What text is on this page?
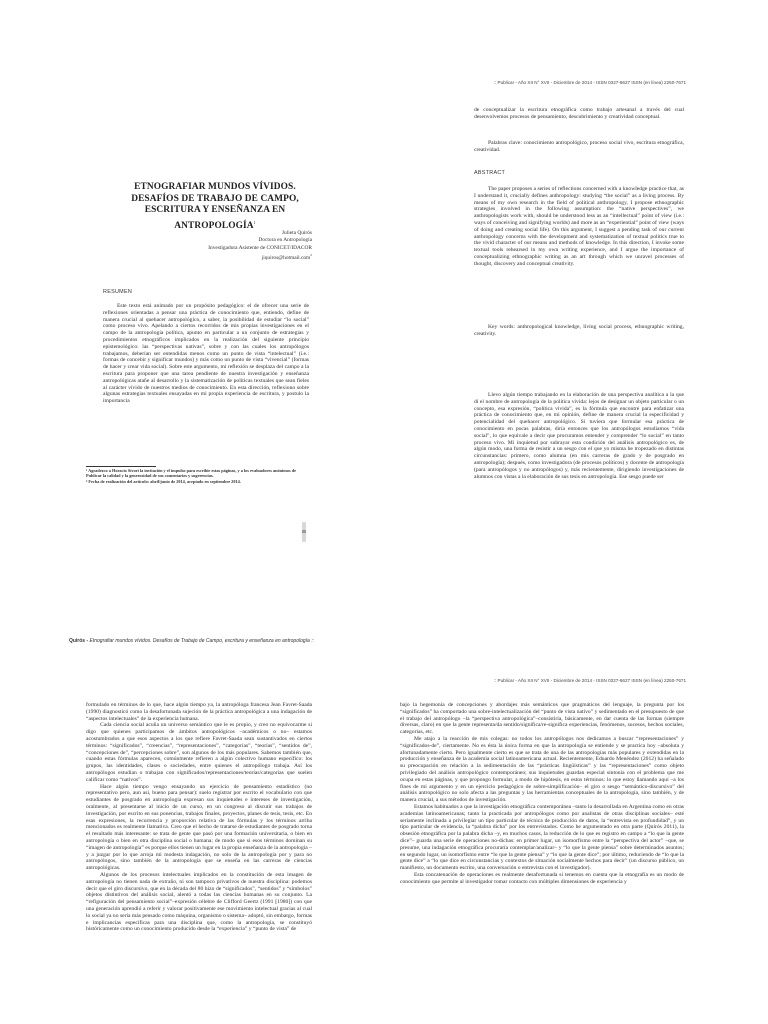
ETNOGRAFIAR MUNDOS VÍVIDOS. DESAFÍOS DE TRABAJO DE CAMPO, ESCRITURA Y ENSEÑANZA EN ANTROPOLOGÍA$^1$
Julieta Quirós
Doctora en Antropología
Investigadora Asistente de CONICET/IDACOR
jiquiros@hotmail.com$^2$
RESUMEN

Este texto está animado por un propósito pedagógico: el de ofrecer una serie de reflexiones orientadas a pensar una práctica de conocimiento que, entiendo, define de manera crucial al quehacer antropológico, a saber, la posibilidad de estudiar “lo social” como proceso vivo. Apelando a ciertos recorridos de mis propias investigaciones en el campo de la antropología política, apunto en particular a un conjunto de estrategias y procedimientos etnográficos implicados en la realización del siguiente principio epistemológico: las “perspectivas nativas”, sobre y con las cuales los antropólogos trabajamos, deberían ser entendidas menos como un punto de vista “intelectual” (i.e.: formas de concebir y significar mundos) y más como un punto de vista “vivencial” (formas de hacer y crear vida social). Sobre este argumento, mi reflexión se desplaza del campo a la escritura para proponer que una tarea pendiente de nuestra investigación y enseñanza antropológicas atañe al desarrollo y la sistematización de políticas textuales que sean fieles al carácter vívido de nuestros medios de conocimiento. En esta dirección, reflexiono sobre algunas estrategias textuales ensayadas en mi propia experiencia de escritura, y postulo la importancia

¹ Agradezco a Horacio Sívori la invitación y el impulso para escribir estas páginas, y a los evaluadores anónimos de Publicar la calidad y la generosidad de sus comentarios y sugerencias.
² Fecha de realización del artículo: abril/junio de 2014, aceptado en septiembre 2014.
:: Publicar - Año XII N° XVII - Diciembre de 2014 - ISSN 0327-6627 ISSN (en línea) 2250-7671

de conceptualizar la escritura etnográfica como trabajo artesanal a través del cual desenvolvemos procesos de pensamiento, descubrimiento y creatividad conceptual.

Palabras clave: conocimiento antropológico, proceso social vivo, escritura etnográfica, creatividad.
ABSTRACT

The paper proposes a series of reflections concerned with a knowledge practice that, as I understand it, crucially defines anthropology: studying “the social” as a living process. By means of my own research in the field of political anthropology, I propose ethnographic strategies involved in the following assumption: the “native perspectives”, we anthropologists work with, should be understood less as an “intellectual” point of view (i.e.: ways of conceiving and signifying worlds) and more as an “experiential” point of view (ways of doing and creating social life). On this argument, I suggest a pending task of our current anthropology concerns with the development and systematization of textual politics true to the vivid character of our means and methods of knowledge. In this direction, I invoke some textual tools rehearsed in my own writing experience, and I argue the importance of conceptualizing ethnographic writing as an art through which we unravel processes of thought, discovery and conceptual creativity.

Key words: anthropological knowledge, living social process, ethnographic writing, creativity.

Llevo algún tiempo trabajando en la elaboración de una perspectiva analítica a la que di el nombre de antropología de la política vivida: lejos de designar un objeto particular o un concepto, esa expresión, “política vivida”, es la fórmula que encontré para enfatizar una práctica de conocimiento que, en mi opinión, define de manera crucial la especificidad y potencialidad del quehacer antropológico. Si tuviera que formular esa práctica de conocimiento en pocas palabras, diría entonces que los antropólogos estudiamos “vida social”, lo que equivale a decir que procuramos entender y comprender “lo social” en tanto proceso vivo. Mi inquietud por subrayar esta condición del análisis antropológico es, de algún modo, una forma de resistir a un sesgo con el que yo misma he tropezado en distintas circunstancias: primero, como alumna (en mis carreras de grado y de posgrado en antropología); después, como investigadora (de procesos políticos) y docente de antropología (para antropólogos y no antropólogos) y, más recientemente, dirigiendo investigaciones de alumnos con vistas a la elaboración de sus tesis en antropología. Ese sesgo puede ser

Quirós - Etnografiar mundos vívidos. Desafíos de Trabajo de Campo, escritura y enseñanza en antropología ::

formulado en términos de lo que, hace algún tiempo ya, la antropóloga francesa Jean Favret-Saada (1990) diagnosticó como la desafortunada sujeción de la práctica antropológica a una indagación de “aspectos intelectuales” de la experiencia humana.

Cada ciencia social acuña un universo semántico que le es propio, y creo no equivocarme si digo que quienes participamos de ámbitos antropológicos –académicos o no– estamos acostumbrados a que esos aspectos a los que refiere Favret-Saada sean sustantivados en ciertos términos: “significados”, “creencias”, “representaciones”, “categorías”, “teorías”, “sentidos de”, “concepciones de”, “percepciones sobre”, son algunos de los más populares. Sabemos también que, cuando estas fórmulas aparecen, comúnmente refieren a algún colectivo humano específico: los grupos, las identidades, clases o sociedades, entre quienes el antropólogo trabaja. Así los antropólogos estudian o trabajan con significados/representaciones/teorías/categorías que suelen calificar como “nativos”.

Hace algún tiempo vengo ensayando un ejercicio de pensamiento estadístico (no representativo pero, aun así, bueno para pensar): suelo registrar por escrito el vocabulario con que estudiantes de posgrado en antropología expresan sus inquietudes e intereses de investigación, oralmente, al presentarse al inicio de un curso, en un congreso al discutir sus trabajos de investigación, por escrito en sus ponencias, trabajos finales, proyectos, planes de tesis, tesis, etc. En esas expresiones, la recurrencia y proporción relativa de las fórmulas y los términos arriba mencionados es realmente llamativa. Creo que el hecho de tratarse de estudiantes de posgrado torna el resultado más interesante: se trata de gente que pasó por una formación universitaria, o bien en antropología o bien en otra disciplina social o humana; de modo que si esos términos dominan su “imagen de antropología” es porque ellos tienen un lugar en la propia enseñanza de la antropología –y a juzgar por lo que arroja mi modesta indagación, no solo de la antropología por y para no antropólogos, sino también de la antropología que se enseña en las carreras de ciencias antropológicas.

Algunos de los procesos intelectuales implicados en la constitución de esta imagen de antropología no tienen nada de extraño, ni son tampoco privativos de nuestra disciplina: podemos decir que el giro discursivo, que en la década del 80 hizo de “significados”, “sentidos” y “símbolos” objetos distintivos del análisis social, alentó a todas las ciencias humanas en su conjunto. La “refiguración del pensamiento social”–expresión célebre de Clifford Geertz (1991 [1980]) con que una generación aprendió a referir y valorar positivamente ese movimiento intelectual gracias al cual lo social ya no sería más pensado como máquina, organismo o sistema– adoptó, sin embargo, formas e implicancias específicas para una disciplina que, como la antropología, se constituyó históricamente como un conocimiento producido desde la “experiencia” y “punto de vista” de

:: Publicar - Año XII N° XVII - Diciembre de 2014 - ISSN 0327-6627 ISSN (en línea) 2250-7671

bajo la hegemonía de concepciones y abordajes más semánticos que pragmáticos del lenguaje, la pregunta por los “significados” ha comportado una sobre-intelectualización del “punto de vista nativo” y sedimentado en el presupuesto de que el trabajo del antropólogo –la “perspectiva antropológica”–consistiría, básicamente, en dar cuenta de las formas (siempre diversas, claro) en que la gente representa/da sentido/significa/re-significa experiencias, fenómenos, sucesos, hechos sociales, categorías, etc.

Me atajo a la reacción de mis colegas: no todos los antropólogos nos dedicamos a buscar “representaciones” y “significados-de”, ciertamente. No es ésta la única forma en que la antropología se entiende y se practica hoy –absoluta y afortunadamente cierto. Pero igualmente cierto es que se trata de una de las antropologías más populares y extendidas en la producción y enseñanza de la academia social latinoamericana actual. Recientemente, Eduardo Menéndez (2012) ha señalado su preocupación en relación a la sedimentación de las “prácticas lingüísticas” y las “representaciones” como objeto privilegiado del análisis antropológico contemporáneo; sus inquietudes guardan especial sintonía con el problema que me ocupa en estas páginas, y que propongo formular, a modo de hipótesis, en estos términos: lo que estoy llamando aquí –a los fines de mi argumento y en un ejercicio pedagógico de sobre-simplificación– el giro o sesgo “semántico-discursivo” del análisis antropológico no solo afecta a las preguntas y las herramientas conceptuales de la antropología, sino también, y de manera crucial, a sus métodos de investigación.

Estamos habituados a que la investigación etnográfica contemporánea –tanto la desarrollada en Argentina como en otras academias latinoamericanas; tanto la practicada por antropólogos como por analistas de otras disciplinas sociales– esté seriamente inclinada a privilegiar un tipo particular de técnica de producción de datos, la “entrevista en profundidad”, y un tipo particular de evidencia, la “palabra dicha” por los entrevistados. Como he argumentado en otra parte (Quirós 2011), la obsesión etnográfica por la palabra dicha –y, en muchos casos, la reducción de lo que es registro en campo a “lo que la gente dice”– guarda una serie de operaciones no-dichas: en primer lugar, un isomorfismo entre la “perspectiva del actor” –que, se presume, una indagación etnográfica procuraría contemplar/analizar– y “lo que la gente piensa” sobre determinados asuntos; en segundo lugar, un isomorfismo entre “lo que la gente piensa” y “lo que la gente dice”; por último, reduciendo de “lo que la gente dice” a “lo que dice en circunstancias y contextos de situación socialmente hechos para decir” (un discurso público, un manifiesto, un documento escrito, una conversación o entrevista con el investigador).

Esta concatenación de operaciones es realmente desafortunada si tenemos en cuenta que la etnografía es un modo de conocimiento que permite al investigador tomar contacto con múltiples dimensiones de experiencia y
